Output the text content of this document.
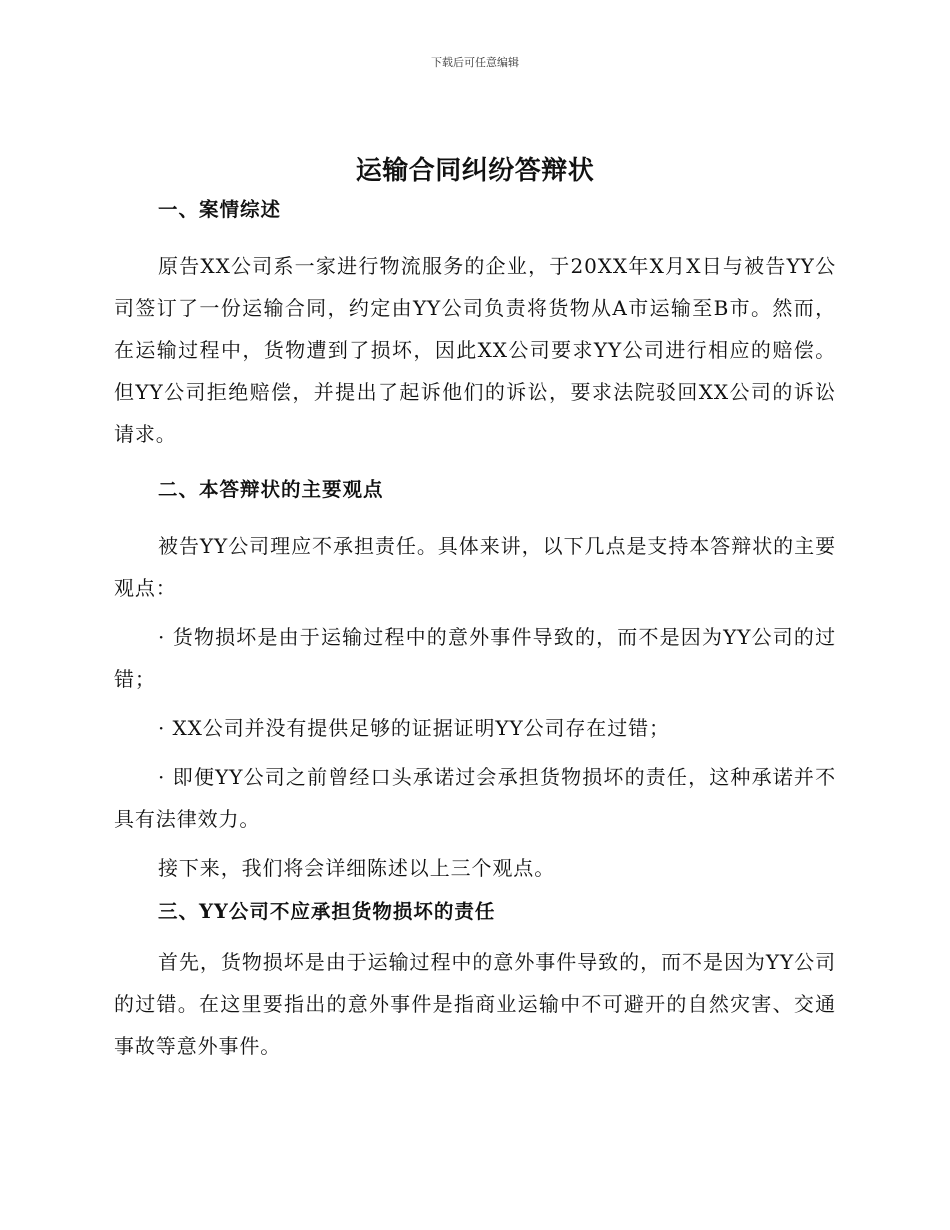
下载后可任意编辑
运输合同纠纷答辩状

一、案情综述

原告XX公司系一家进行物流服务的企业，于20XX年X月X日与被告YY公司签订了一份运输合同，约定由YY公司负责将货物从A市运输至B市。然而，在运输过程中，货物遭到了损坏，因此XX公司要求YY公司进行相应的赔偿。但YY公司拒绝赔偿，并提出了起诉他们的诉讼，要求法院驳回XX公司的诉讼请求。

二、本答辩状的主要观点

被告YY公司理应不承担责任。具体来讲，以下几点是支持本答辩状的主要观点：

· 货物损坏是由于运输过程中的意外事件导致的，而不是因为YY公司的过错；

· XX公司并没有提供足够的证据证明YY公司存在过错；

· 即便YY公司之前曾经口头承诺过会承担货物损坏的责任，这种承诺并不具有法律效力。

接下来，我们将会详细陈述以上三个观点。

三、YY公司不应承担货物损坏的责任

首先，货物损坏是由于运输过程中的意外事件导致的，而不是因为YY公司的过错。在这里要指出的意外事件是指商业运输中不可避开的自然灾害、交通事故等意外事件。
